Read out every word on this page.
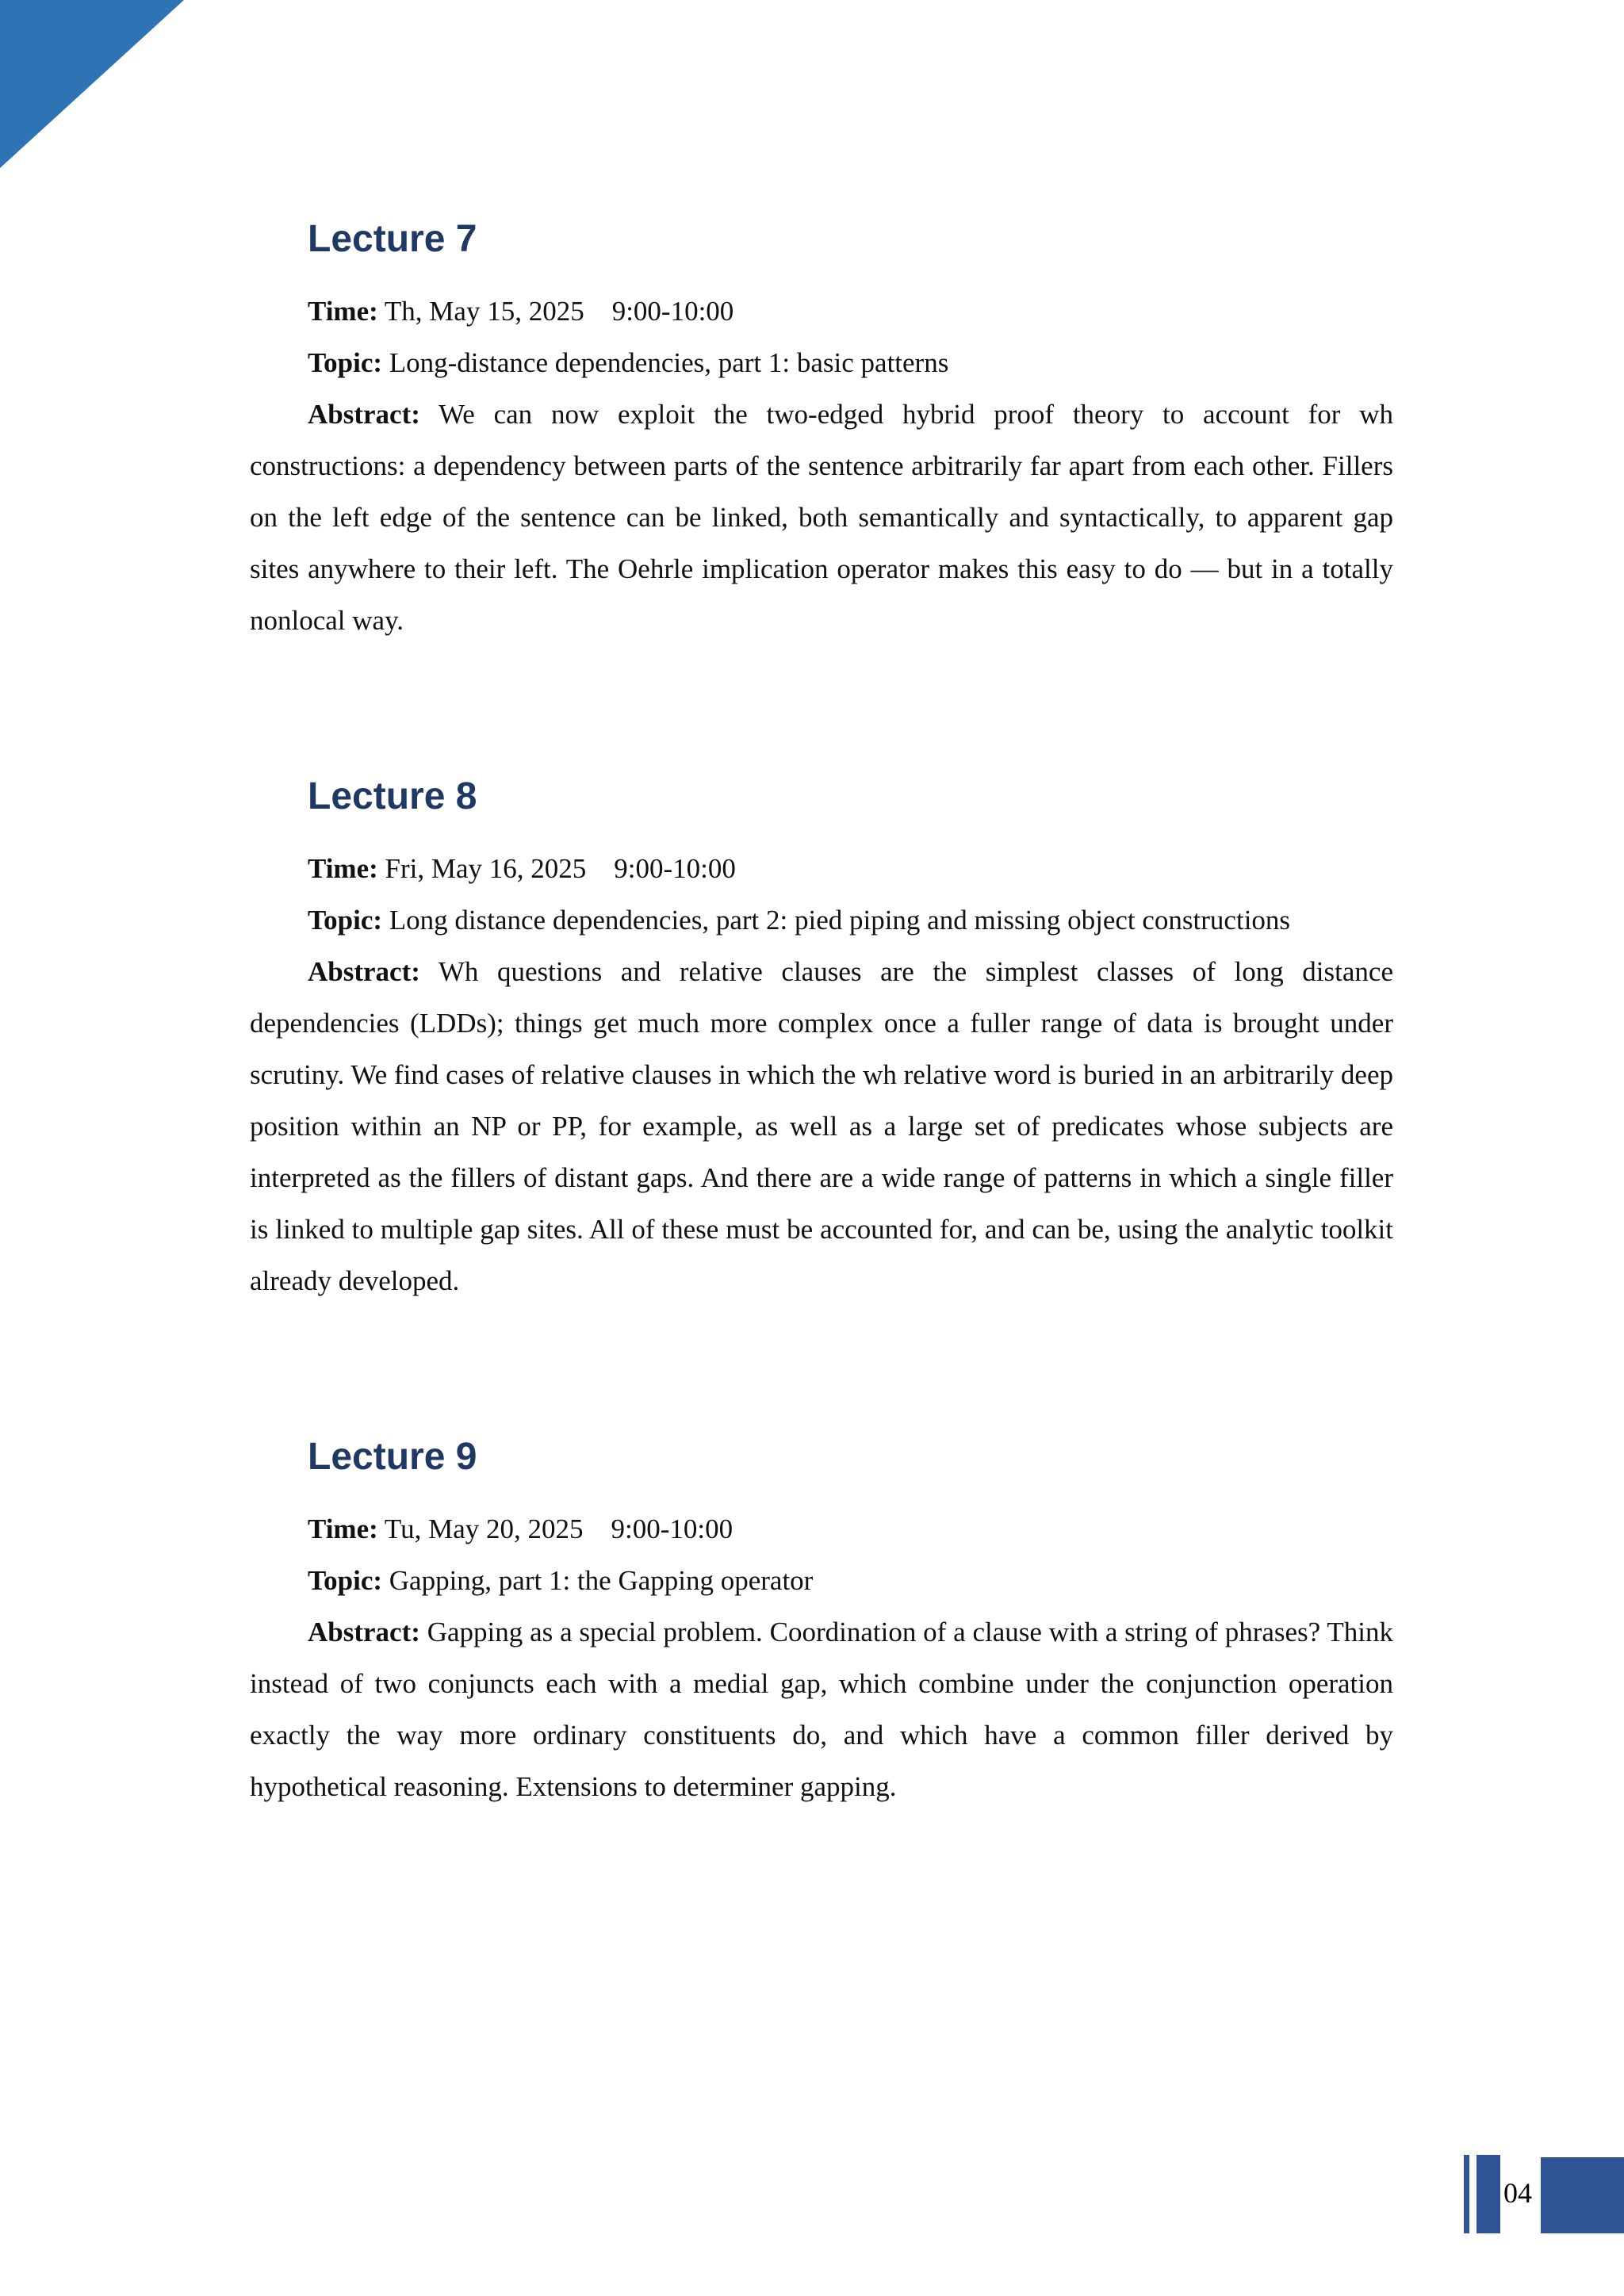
Lecture 7

Time: Th, May 15, 2025    9:00-10:00

Topic: Long-distance dependencies, part 1: basic patterns

Abstract: We can now exploit the two-edged hybrid proof theory to account for wh constructions: a dependency between parts of the sentence arbitrarily far apart from each other. Fillers on the left edge of the sentence can be linked, both semantically and syntactically, to apparent gap sites anywhere to their left. The Oehrle implication operator makes this easy to do — but in a totally nonlocal way.

Lecture 8

Time: Fri, May 16, 2025    9:00-10:00

Topic: Long distance dependencies, part 2: pied piping and missing object constructions

Abstract: Wh questions and relative clauses are the simplest classes of long distance dependencies (LDDs); things get much more complex once a fuller range of data is brought under scrutiny. We find cases of relative clauses in which the wh relative word is buried in an arbitrarily deep position within an NP or PP, for example, as well as a large set of predicates whose subjects are interpreted as the fillers of distant gaps. And there are a wide range of patterns in which a single filler is linked to multiple gap sites. All of these must be accounted for, and can be, using the analytic toolkit already developed.

Lecture 9

Time: Tu, May 20, 2025    9:00-10:00

Topic: Gapping, part 1: the Gapping operator

Abstract: Gapping as a special problem. Coordination of a clause with a string of phrases? Think instead of two conjuncts each with a medial gap, which combine under the conjunction operation exactly the way more ordinary constituents do, and which have a common filler derived by hypothetical reasoning. Extensions to determiner gapping.

04
